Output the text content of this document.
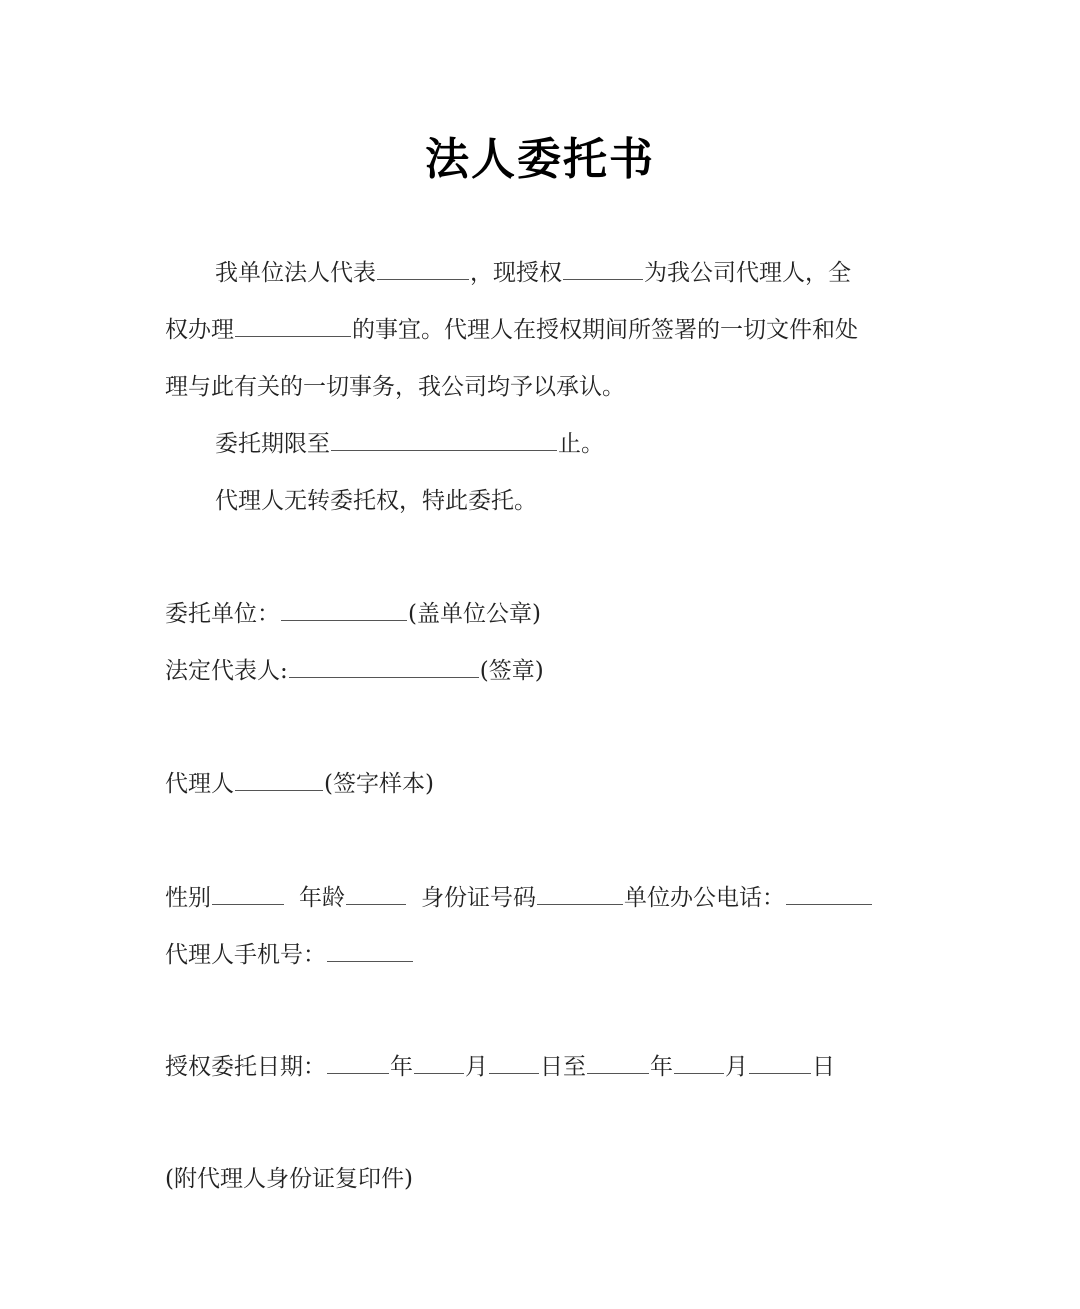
法人委托书
我单位法人代表	，现授权	为我公司代理人，全
权办理	的事宜。代理人在授权期间所签署的一切文件和处
理与此有关的一切事务，我公司均予以承认。
委托期限至	止。
代理人无转委托权，特此委托。
委托单位：	(盖单位公章)
法定代表人:	(签章)
代理人	(签字样本)
性别	年龄	身份证号码	单位办公电话：
代理人手机号：
授权委托日期：	年 月 日至	年 月	日
(附代理人身份证复印件)
